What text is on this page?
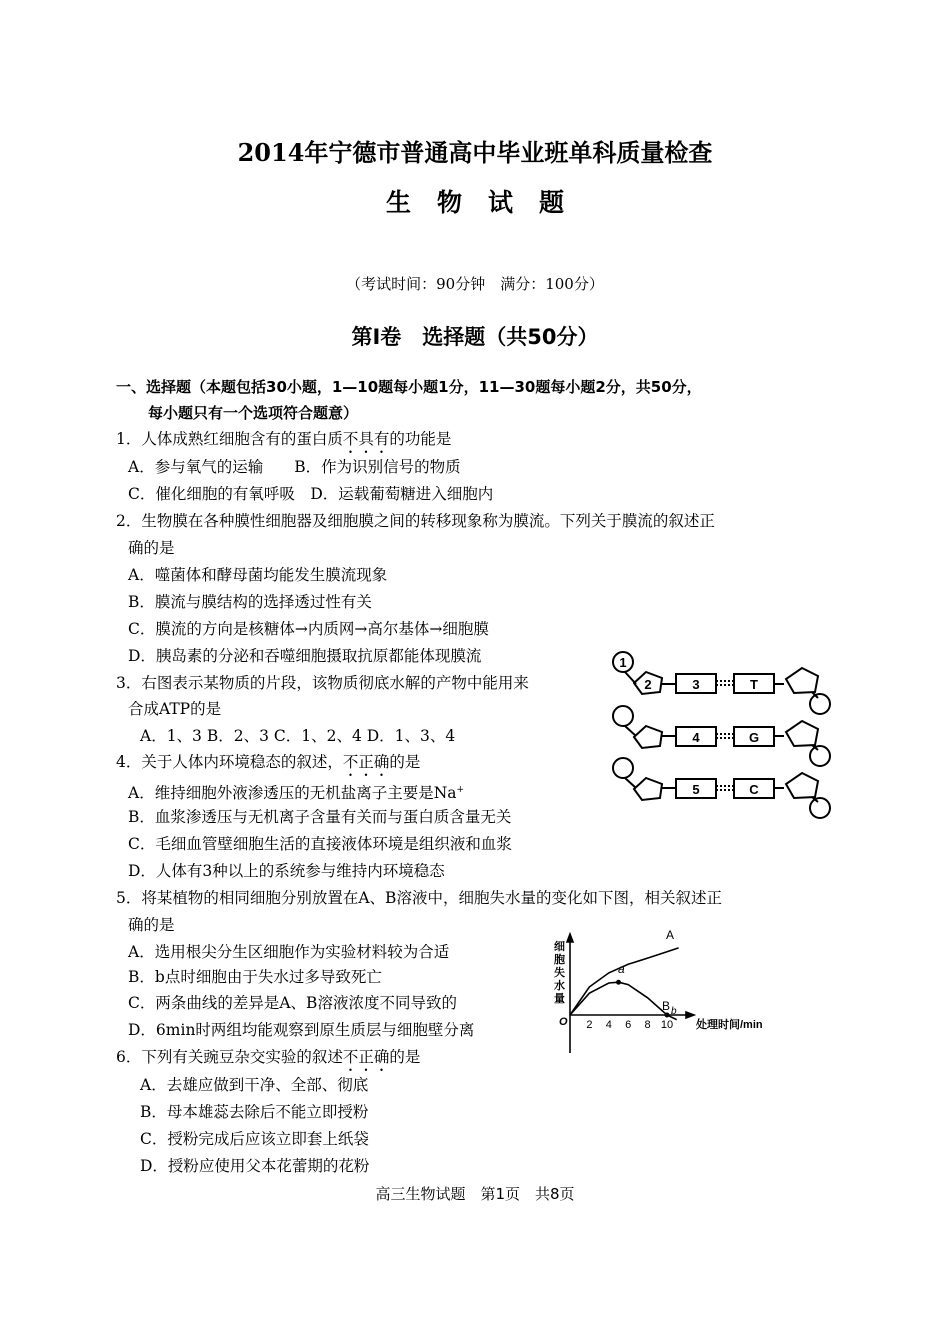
2014年宁德市普通高中毕业班单科质量检查
生物试题
（考试时间：90分钟　满分：100分）
第Ⅰ卷　选择题（共50分）
一、选择题（本题包括30小题，1—10题每小题1分，11—30题每小题2分，共50分，
每小题只有一个选项符合题意）
1．人体成熟红细胞含有的蛋白质不具有的功能是
A．参与氧气的运输　　B．作为识别信号的物质
C．催化细胞的有氧呼吸　D．运载葡萄糖进入细胞内
2．生物膜在各种膜性细胞器及细胞膜之间的转移现象称为膜流。下列关于膜流的叙述正
确的是
A．噬菌体和酵母菌均能发生膜流现象
B．膜流与膜结构的选择透过性有关
C．膜流的方向是核糖体→内质网→高尔基体→细胞膜
D．胰岛素的分泌和吞噬细胞摄取抗原都能体现膜流
3．右图表示某物质的片段，该物质彻底水解的产物中能用来
合成ATP的是
A．1、3 B．2、3 C．1、2、4 D．1、3、4
1
2	3
4
5
T
G
C
4．关于人体内环境稳态的叙述，不正确的是
A．维持细胞外液渗透压的无机盐离子主要是Na+
B．血浆渗透压与无机离子含量有关而与蛋白质含量无关
C．毛细血管壁细胞生活的直接液体环境是组织液和血浆
D．人体有3种以上的系统参与维持内环境稳态
5．将某植物的相同细胞分别放置在A、B溶液中，细胞失水量的变化如下图，相关叙述正
确的是
A．选用根尖分生区细胞作为实验材料较为合适
B．b点时细胞由于失水过多导致死亡
C．两条曲线的差异是A、B溶液浓度不同导致的
D．6min时两组均能观察到原生质层与细胞壁分离	2 4 6 8 10
细胞失水量
处理时间/min
O
A
a
B b
6．下列有关豌豆杂交实验的叙述不正确的是
A．去雄应做到干净、全部、彻底
B．母本雄蕊去除后不能立即授粉
C．授粉完成后应该立即套上纸袋
D．授粉应使用父本花蕾期的花粉
高三生物试题　第1页　共8页
